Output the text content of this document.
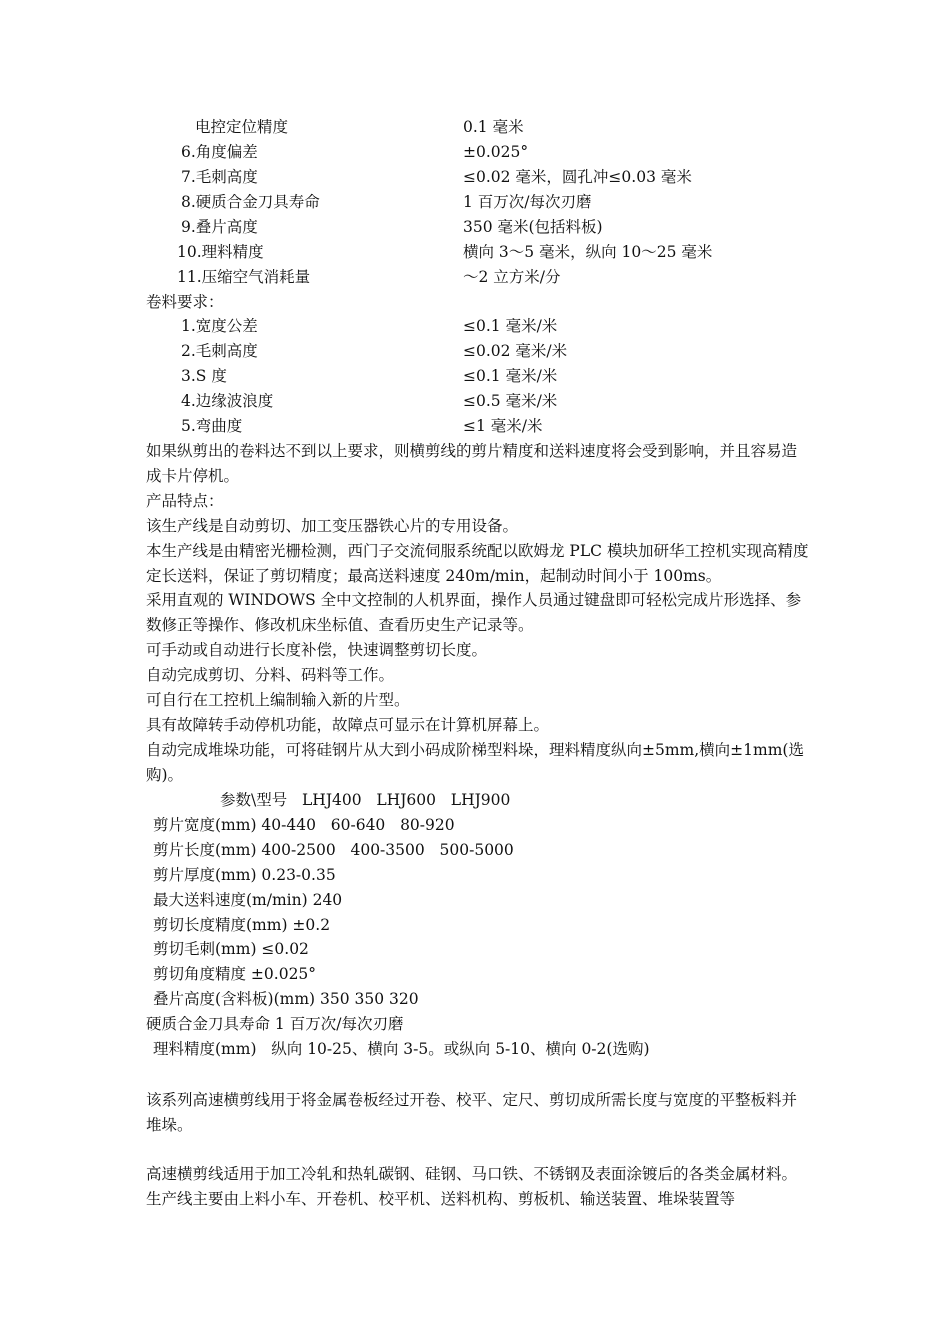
电控定位精度	0.1 毫米
6.角度偏差	±0.025°
7.毛刺高度	≤0.02 毫米，圆孔冲≤0.03 毫米
8.硬质合金刀具寿命	1 百万次/每次刃磨
9.叠片高度	350 毫米(包括料板)
10.理料精度	横向 3～5 毫米，纵向 10～25 毫米
11.压缩空气消耗量	～2 立方米/分
卷料要求：
1.宽度公差	≤0.1 毫米/米
2.毛刺高度	≤0.02 毫米/米
3.S 度	≤0.1 毫米/米
4.边缘波浪度	≤0.5 毫米/米
5.弯曲度	≤1 毫米/米
如果纵剪出的卷料达不到以上要求，则横剪线的剪片精度和送料速度将会受到影响，并且容易造成卡片停机。
产品特点：
该生产线是自动剪切、加工变压器铁心片的专用设备。
本生产线是由精密光栅检测，西门子交流伺服系统配以欧姆龙 PLC 模块加研华工控机实现高精度定长送料，保证了剪切精度；最高送料速度 240m/min，起制动时间小于 100ms。
采用直观的 WINDOWS 全中文控制的人机界面，操作人员通过键盘即可轻松完成片形选择、参数修正等操作、修改机床坐标值、查看历史生产记录等。
可手动或自动进行长度补偿，快速调整剪切长度。
自动完成剪切、分料、码料等工作。
可自行在工控机上编制输入新的片型。
具有故障转手动停机功能，故障点可显示在计算机屏幕上。
自动完成堆垛功能，可将硅钢片从大到小码成阶梯型料垛，理料精度纵向±5mm,横向±1mm(选购)。
参数\型号   LHJ400   LHJ600   LHJ900
剪片宽度(mm) 40-440   60-640   80-920
剪片长度(mm) 400-2500   400-3500   500-5000
剪片厚度(mm) 0.23-0.35
最大送料速度(m/min) 240
剪切长度精度(mm) ±0.2
剪切毛刺(mm) ≤0.02
剪切角度精度 ±0.025°
叠片高度(含料板)(mm) 350 350 320
硬质合金刀具寿命 1 百万次/每次刃磨
理料精度(mm)   纵向 10-25、横向 3-5。或纵向 5-10、横向 0-2(选购)
该系列高速横剪线用于将金属卷板经过开卷、校平、定尺、剪切成所需长度与宽度的平整板料并堆垛。
高速横剪线适用于加工冷轧和热轧碳钢、硅钢、马口铁、不锈钢及表面涂镀后的各类金属材料。生产线主要由上料小车、开卷机、校平机、送料机构、剪板机、输送装置、堆垛装置等
